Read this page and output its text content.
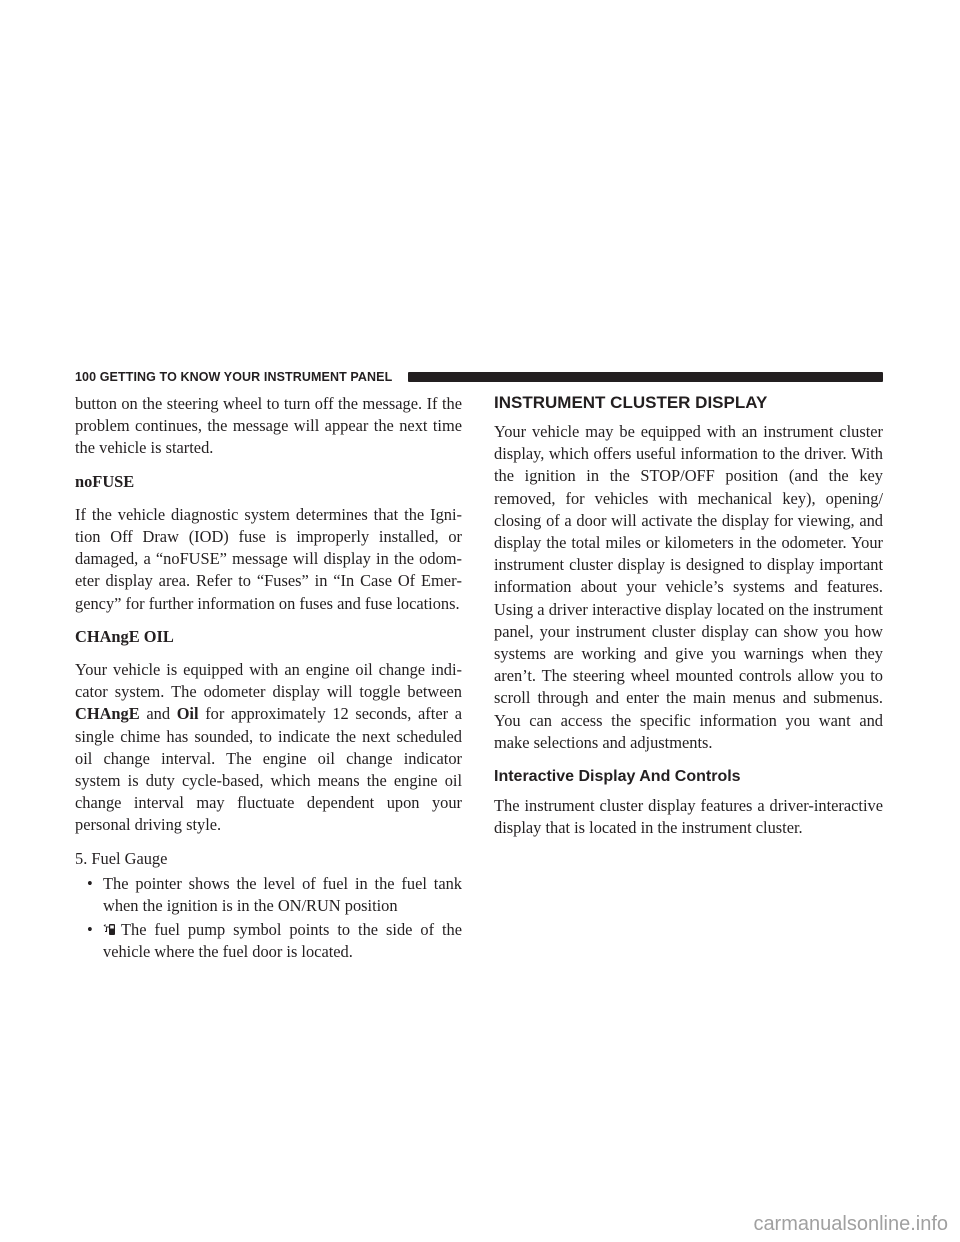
100 GETTING TO KNOW YOUR INSTRUMENT PANEL

button on the steering wheel to turn off the message. If the problem continues, the message will appear the next time the vehicle is started.

noFUSE

If the vehicle diagnostic system determines that the Ignition Off Draw (IOD) fuse is improperly installed, or damaged, a “noFUSE” message will display in the odometer display area. Refer to “Fuses” in “In Case Of Emergency” for further information on fuses and fuse locations.

CHAngE OIL

Your vehicle is equipped with an engine oil change indicator system. The odometer display will toggle between CHAngE and Oil for approximately 12 seconds, after a single chime has sounded, to indicate the next scheduled oil change interval. The engine oil change indicator system is duty cycle-based, which means the engine oil change interval may fluctuate dependent upon your personal driving style.

5. Fuel Gauge

• The pointer shows the level of fuel in the fuel tank when the ignition is in the ON/RUN position
• The fuel pump symbol points to the side of the vehicle where the fuel door is located.

INSTRUMENT CLUSTER DISPLAY

Your vehicle may be equipped with an instrument cluster display, which offers useful information to the driver. With the ignition in the STOP/OFF position (and the key removed, for vehicles with mechanical key), opening/ closing of a door will activate the display for viewing, and display the total miles or kilometers in the odometer. Your instrument cluster display is designed to display important information about your vehicle’s systems and features. Using a driver interactive display located on the instrument panel, your instrument cluster display can show you how systems are working and give you warnings when they aren’t. The steering wheel mounted controls allow you to scroll through and enter the main menus and submenus. You can access the specific information you want and make selections and adjustments.

Interactive Display And Controls

The instrument cluster display features a driver-interactive display that is located in the instrument cluster.

carmanualsonline.info
